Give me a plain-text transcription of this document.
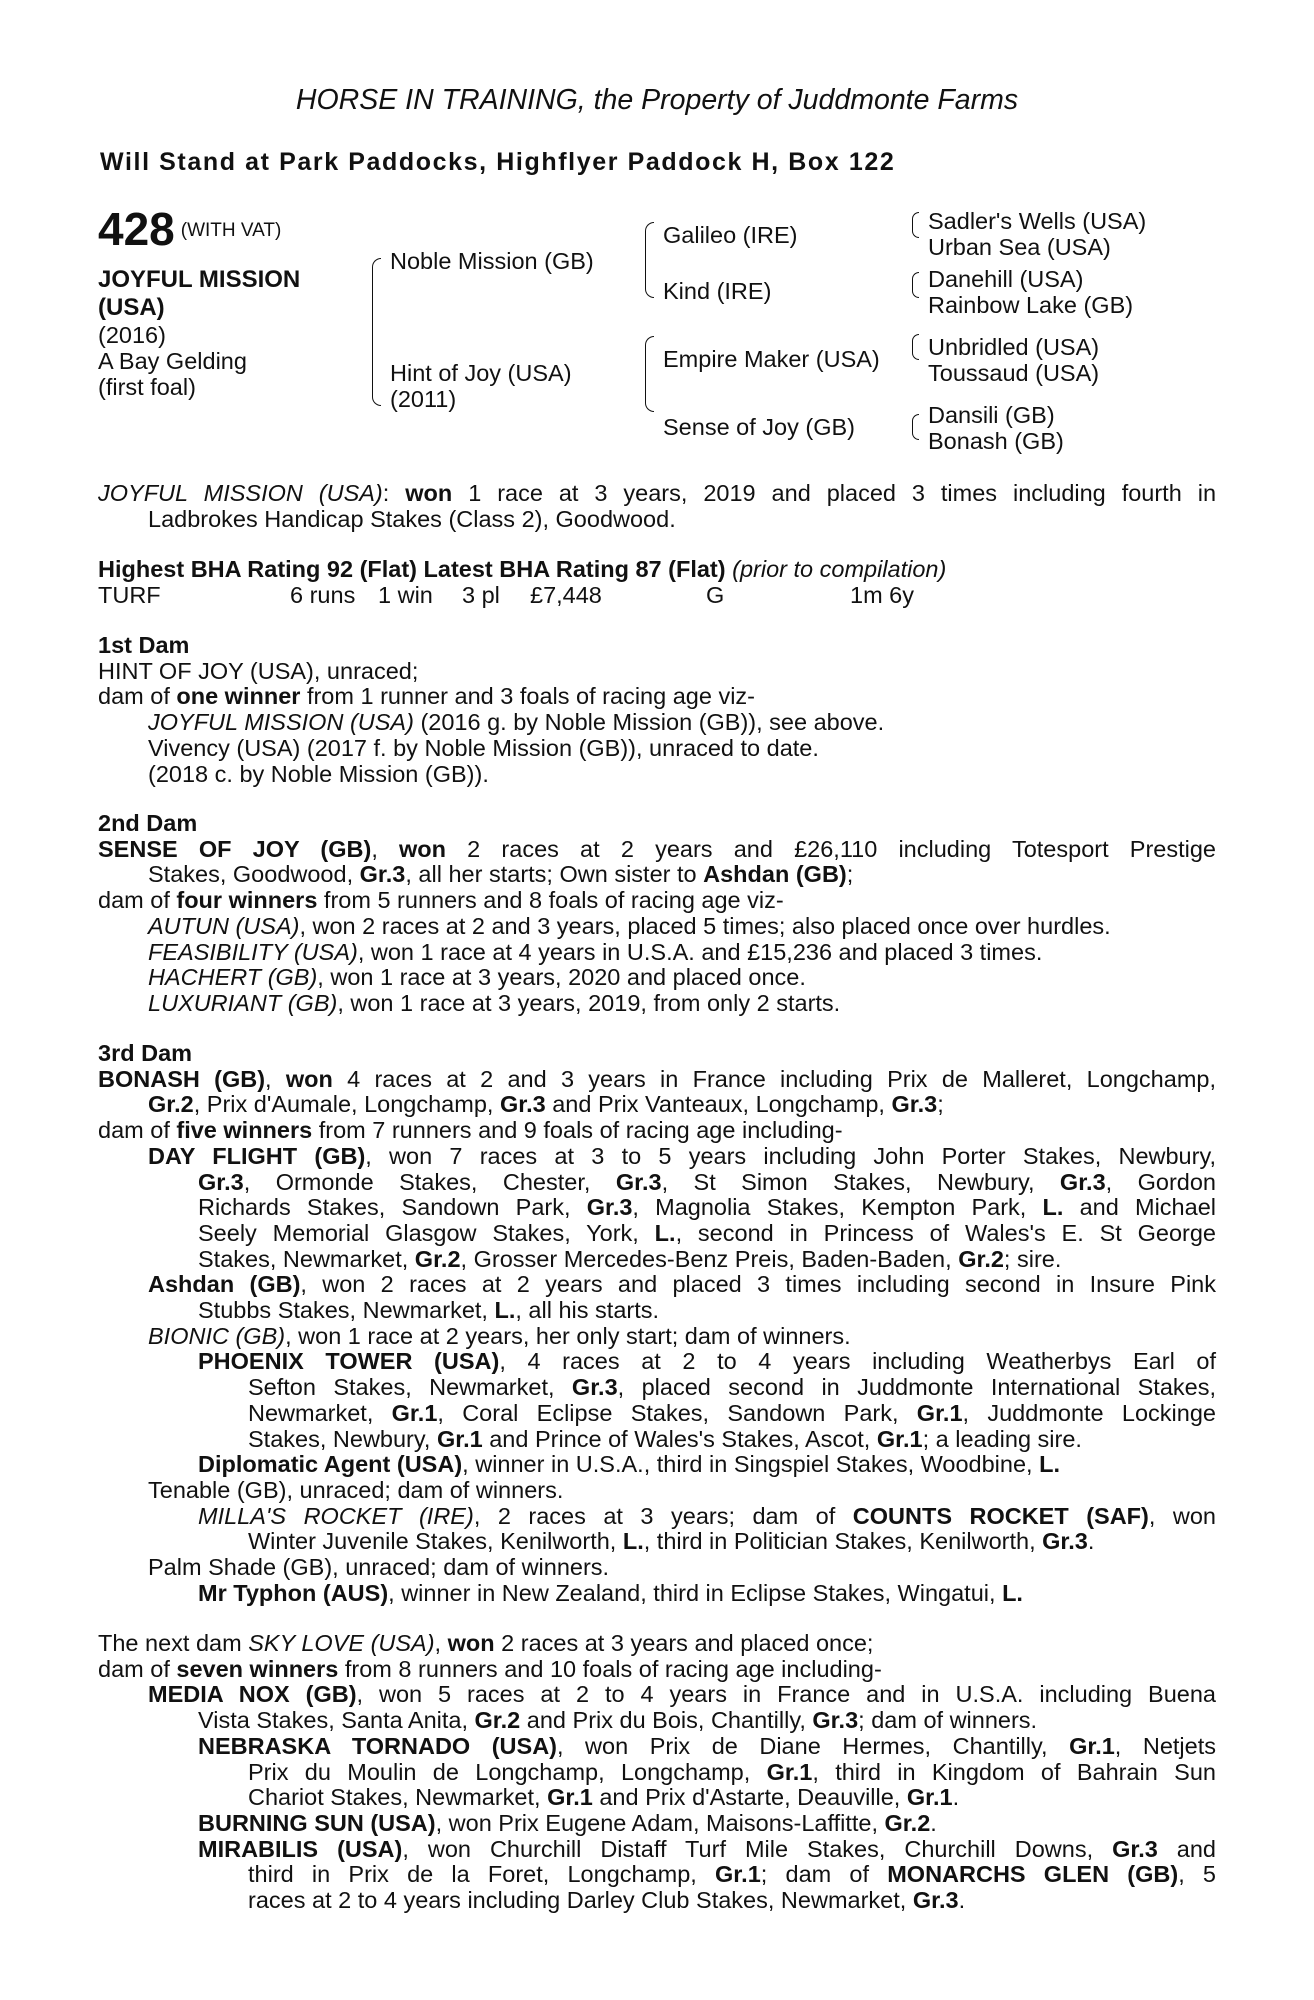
HORSE IN TRAINING, the Property of Juddmonte Farms
Will Stand at Park Paddocks, Highflyer Paddock H, Box 122
428 (WITH VAT)
JOYFUL MISSION
(USA)
(2016)
A Bay Gelding
(first foal)
Noble Mission (GB)
Hint of Joy (USA)
(2011)
Galileo (IRE)
Kind (IRE)
Empire Maker (USA)
Sense of Joy (GB)
Sadler's Wells (USA)
Urban Sea (USA)
Danehill (USA)
Rainbow Lake (GB)
Unbridled (USA)
Toussaud (USA)
Dansili (GB)
Bonash (GB)
JOYFUL MISSION (USA): won 1 race at 3 years, 2019 and placed 3 times including fourth in
Ladbrokes Handicap Stakes (Class 2), Goodwood.
Highest BHA Rating 92 (Flat) Latest BHA Rating 87 (Flat) (prior to compilation)
TURF	6 runs 1 win 3 pl £7,448	G	1m 6y
1st Dam
HINT OF JOY (USA), unraced;
dam of one winner from 1 runner and 3 foals of racing age viz-
JOYFUL MISSION (USA) (2016 g. by Noble Mission (GB)), see above.
Vivency (USA) (2017 f. by Noble Mission (GB)), unraced to date.
(2018 c. by Noble Mission (GB)).
2nd Dam
SENSE OF JOY (GB), won 2 races at 2 years and £26,110 including Totesport Prestige
Stakes, Goodwood, Gr.3, all her starts; Own sister to Ashdan (GB);
dam of four winners from 5 runners and 8 foals of racing age viz-
AUTUN (USA), won 2 races at 2 and 3 years, placed 5 times; also placed once over hurdles.
FEASIBILITY (USA), won 1 race at 4 years in U.S.A. and £15,236 and placed 3 times.
HACHERT (GB), won 1 race at 3 years, 2020 and placed once.
LUXURIANT (GB), won 1 race at 3 years, 2019, from only 2 starts.
3rd Dam
BONASH (GB), won 4 races at 2 and 3 years in France including Prix de Malleret, Longchamp,
Gr.2, Prix d'Aumale, Longchamp, Gr.3 and Prix Vanteaux, Longchamp, Gr.3;
dam of five winners from 7 runners and 9 foals of racing age including-
DAY FLIGHT (GB), won 7 races at 3 to 5 years including John Porter Stakes, Newbury,
Gr.3, Ormonde Stakes, Chester, Gr.3, St Simon Stakes, Newbury, Gr.3, Gordon
Richards Stakes, Sandown Park, Gr.3, Magnolia Stakes, Kempton Park, L. and Michael
Seely Memorial Glasgow Stakes, York, L., second in Princess of Wales's E. St George
Stakes, Newmarket, Gr.2, Grosser Mercedes-Benz Preis, Baden-Baden, Gr.2; sire.
Ashdan (GB), won 2 races at 2 years and placed 3 times including second in Insure Pink
Stubbs Stakes, Newmarket, L., all his starts.
BIONIC (GB), won 1 race at 2 years, her only start; dam of winners.
PHOENIX TOWER (USA), 4 races at 2 to 4 years including Weatherbys Earl of
Sefton Stakes, Newmarket, Gr.3, placed second in Juddmonte International Stakes,
Newmarket, Gr.1, Coral Eclipse Stakes, Sandown Park, Gr.1, Juddmonte Lockinge
Stakes, Newbury, Gr.1 and Prince of Wales's Stakes, Ascot, Gr.1; a leading sire.
Diplomatic Agent (USA), winner in U.S.A., third in Singspiel Stakes, Woodbine, L.
Tenable (GB), unraced; dam of winners.
MILLA'S ROCKET (IRE), 2 races at 3 years; dam of COUNTS ROCKET (SAF), won
Winter Juvenile Stakes, Kenilworth, L., third in Politician Stakes, Kenilworth, Gr.3.
Palm Shade (GB), unraced; dam of winners.
Mr Typhon (AUS), winner in New Zealand, third in Eclipse Stakes, Wingatui, L.
The next dam SKY LOVE (USA), won 2 races at 3 years and placed once;
dam of seven winners from 8 runners and 10 foals of racing age including-
MEDIA NOX (GB), won 5 races at 2 to 4 years in France and in U.S.A. including Buena
Vista Stakes, Santa Anita, Gr.2 and Prix du Bois, Chantilly, Gr.3; dam of winners.
NEBRASKA TORNADO (USA), won Prix de Diane Hermes, Chantilly, Gr.1, Netjets
Prix du Moulin de Longchamp, Longchamp, Gr.1, third in Kingdom of Bahrain Sun
Chariot Stakes, Newmarket, Gr.1 and Prix d'Astarte, Deauville, Gr.1.
BURNING SUN (USA), won Prix Eugene Adam, Maisons-Laffitte, Gr.2.
MIRABILIS (USA), won Churchill Distaff Turf Mile Stakes, Churchill Downs, Gr.3 and
third in Prix de la Foret, Longchamp, Gr.1; dam of MONARCHS GLEN (GB), 5
races at 2 to 4 years including Darley Club Stakes, Newmarket, Gr.3.
